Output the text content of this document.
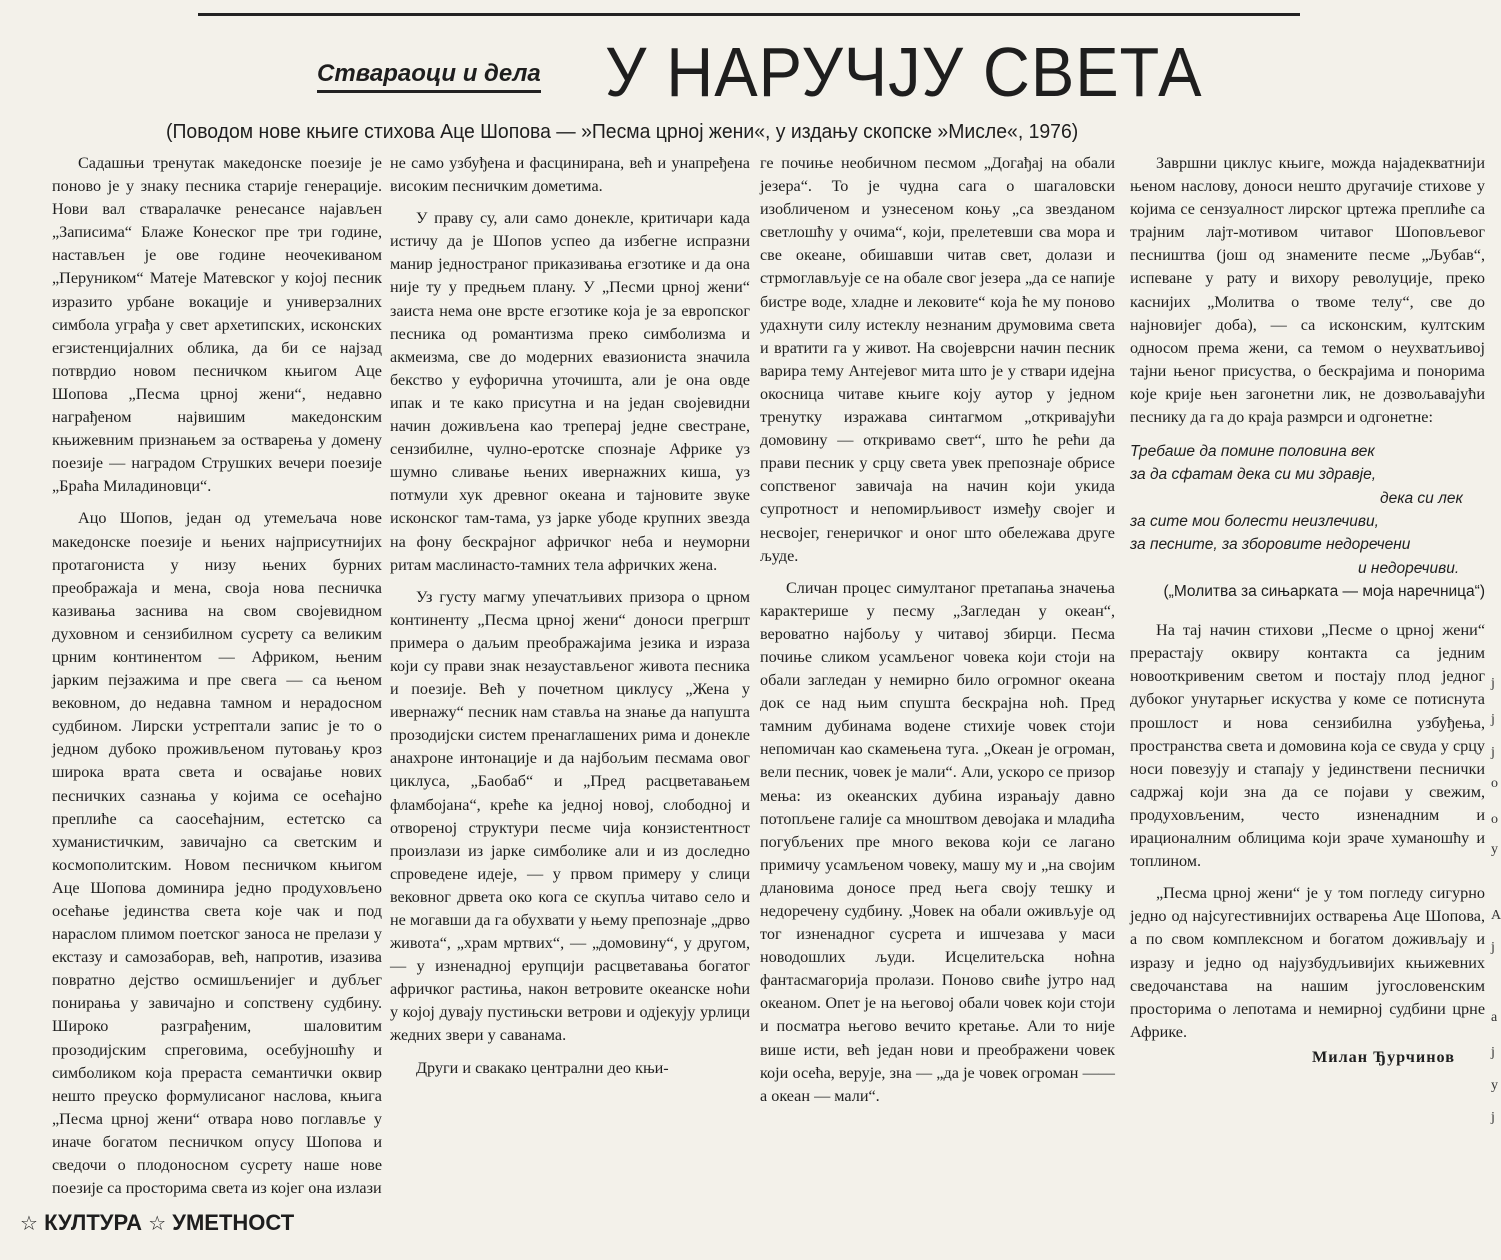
Ствараоци и дела У НАРУЧЈУ СВЕТА
(Поводом нове књиге стихова Аце Шопова — »Песма црној жени«, у издању скопске »Мисле«, 1976)

Садашњи тренутак македонске поезије је поново је у знаку песника старије генерације. Нови вал стваралачке ренесансе најављен „Записима“ Блаже Конеског пре три године, настављен је ове године неочекиваном „Перуником“ Матеје Матевског у којој песник изразито урбане вокације и универзалних симбола уграђа у свет архетипских, исконских егзистенцијалних облика, да би се најзад потврдио новом песничком књигом Аце Шопова „Песма црној жени“, недавно награђеном највишим македонским књижевним признањем за остварења у домену поезије — наградом Струшких вечери поезије „Браћа Миладиновци“.

Ацо Шопов, један од утемељача нове македонске поезије и њених најприсутнијих протагониста у низу њених бурних преображаја и мена, своја нова песничка казивања заснива на свом својевидном духовном и сензибилном сусрету са великим црним континентом — Африком, њеним јарким пејзажима и пре свега — са њеном вековном, до недавна тамном и нерадосном судбином. Лирски устрептали запис је то о једном дубоко проживљеном путовању кроз широка врата света и освајање нових песничких сазнања у којима се осећајно преплиће са саосећајним, естетско са хуманистичким, завичајно са светским и космополитским. Новом песничком књигом Аце Шопова доминира једно продуховљено осећање јединства света које чак и под нараслом плимом поетског заноса не прелази у екстазу и самозаборав, већ, напротив, изазива повратно дејство осмишљенијег и дубљег понирања у завичајно и сопствену судбину. Широко разграђеним, шаловитим прозодијским спреговима, осебујношћу и симболиком која прераста семантички оквир нешто преуско формулисаног наслова, књига „Песма црној жени“ отвара ново поглавље у иначе богатом песничком опусу Шопова и сведочи о плодоносном сусрету наше нове поезије са просторима света из којег она излази

не само узбуђена и фасцинирана, већ и унапређена високим песничким дометима.

У праву су, али само донекле, критичари када истичу да је Шопов успео да избегне испразни манир једностраног приказивања егзотике и да она није ту у предњем плану. У „Песми црној жени“ заиста нема оне врсте егзотике која је за европског песника од романтизма преко симболизма и акмеизма, све до модерних евазиониста значила бекство у еуфорична уточишта, али је она овде ипак и те како присутна и на један својевидни начин доживљена као треперај једне свестране, сензибилне, чулно-еротске спознаје Африке уз шумно сливање њених ивернажних киша, уз потмули хук древног океана и тајновите звуке исконског там-тама, уз јарке убоде крупних звезда на фону бескрајног афричког неба и неуморни ритам маслинасто-тамних тела афричких жена.

Уз густу магму упечатљивих призора о црном континенту „Песма црној жени“ доноси прегршт примера о даљим преображајима језика и израза који су прави знак незаустављеног живота песника и поезије. Већ у почетном циклусу „Жена у ивернажу“ песник нам ставља на знање да напушта прозодијски систем пренаглашених рима и донекле анахроне интонације и да најбољим песмама овог циклуса, „Баобаб“ и „Пред расцветавањем фламбојана“, креће ка једној новој, слободној и отвореној структури песме чија конзистентност произлази из јарке симболике али и из доследно спроведене идеје, — у првом примеру у слици вековног дрвета око кога се скупља читаво село и не могавши да га обухвати у њему препознаје „дрво живота“, „храм мртвих“, — „домовину“, у другом, — у изненадној ерупцији расцветавања богатог афричког растиња, након ветровите океанске ноћи у којој дувају пустињски ветрови и одјекују урлици жедних звери у саванама.

Други и свакако централни део књи-

ге почиње необичном песмом „Догађај на обали језера“. То је чудна сага о шагаловски изобличеном и узнесеном коњу „са звезданом светлошћу у очима“, који, прелетевши сва мора и све океане, обишавши читав свет, долази и стрмоглављује се на обале свог језера „да се напије бистре воде, хладне и лековите“ која ће му поново удахнути силу истеклу незнаним друмовима света и вратити га у живот. На својеврсни начин песник варира тему Антејевог мита што је у ствари идејна окосница читаве књиге коју аутор у једном тренутку изражава синтагмом „откривајући домовину — откривамо свет“, што ће рећи да прави песник у срцу света увек препознаје обрисе сопственог завичаја на начин који укида супротност и непомирљивост између својег и несвојег, генеричког и оног што обележава друге људе.

Сличан процес симултаног претапања значења карактерише у песму „Загледан у океан“, вероватно најбољу у читавој збирци. Песма почиње сликом усамљеног човека који стоји на обали загледан у немирно било огромног океана док се над њим спушта бескрајна ноћ. Пред тамним дубинама водене стихије човек стоји непомичан као скамењена туга. „Океан је огроман, вели песник, човек је мали“. Али, ускоро се призор мења: из океанских дубина израњају давно потопљене галије са мноштвом девојака и младића погубљених пре много векова који се лагано примичу усамљеном човеку, машу му и „на својим длановима доносе пред њега своју тешку и недоречену судбину. „Човек на обали оживљује од тог изненадног сусрета и ишчезава у маси новодошлих људи. Исцелитељска ноћна фантасмагорија пролази. Поново свиће јутро над океаном. Опет је на његовој обали човек који стоји и посматра његово вечито кретање. Али то није више исти, већ један нови и преображени човек који осећа, верује, зна — „да је човек огроман —— а океан — мали“.

Завршни циклус књиге, можда најадекватнији њеном наслову, доноси нешто другачије стихове у којима се сензуалност лирског цртежа преплиће са трајним лајт-мотивом читавог Шоповљевог песништва (још од знамените песме „Љубав“, испеване у рату и вихору револуције, преко каснијих „Молитва о твоме телу“, све до најновијег доба), — са исконским, култским односом према жени, са темом о неухватљивој тајни њеног присуства, о бескрајима и понорима које крије њен загонетни лик, не дозвољавајући песнику да га до краја размрси и одгонетне:

Требаше да помине половина век
за да сфатам дека си ми здравје,
дека си лек
за сите мои болести неизлечиви,
за песните, за зборовите недоречени
и недоречиви.
(„Молитва за сињарката — моја наречница“)

На тај начин стихови „Песме о црној жени“ прерастају оквиру контакта са једним новооткривеним светом и постају плод једног дубоког унутарњег искуства у коме се потиснута прошлост и нова сензибилна узбуђења, пространства света и домовина која се свуда у срцу носи повезују и стапају у јединствени песнички садржај који зна да се појави у свежим, продуховљеним, често изненадним и ирационалним облицима који зраче хуманошћу и топлином.

„Песма црној жени“ је у том погледу сигурно једно од најсугестивнијих остварења Аце Шопова, а по свом комплексном и богатом доживљају и изразу и једно од најузбудљивијих књижевних сведочанстава на нашим југословенским просторима о лепотама и немирној судбини црне Африке.

Милан Ђурчинов
☆ КУЛТУРА ☆ УМЕТНОСТ
ј
ј
ј
о
о
у
А
ј
а
ј
у
ј
